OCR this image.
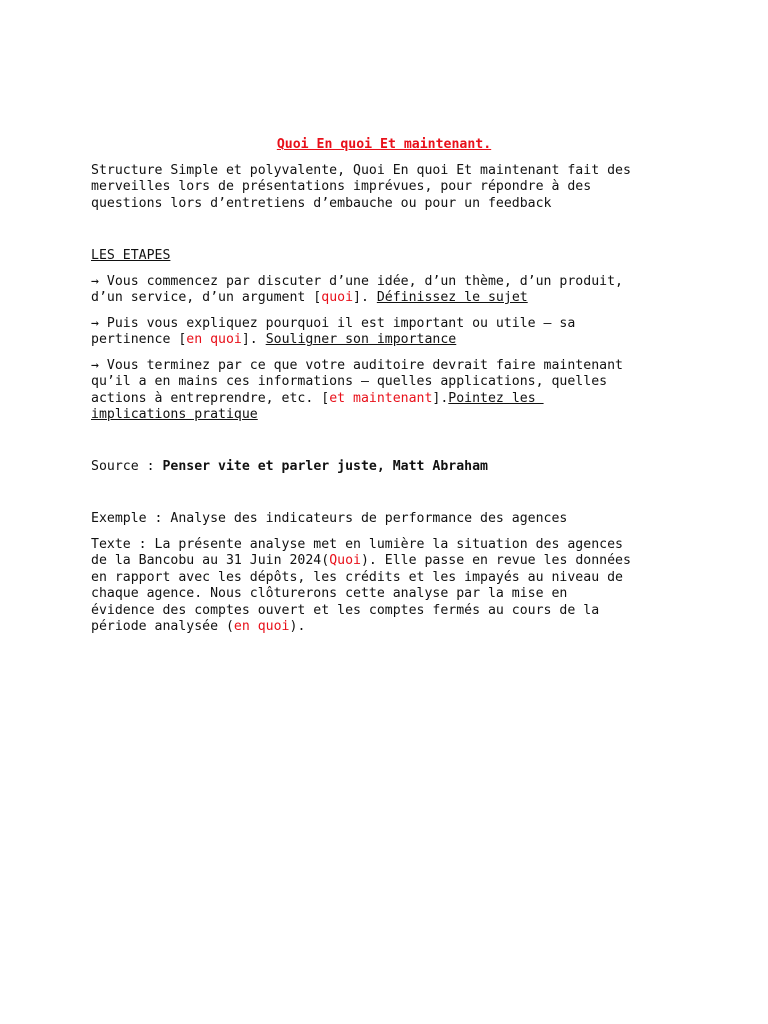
Quoi En quoi Et maintenant.

Structure Simple et polyvalente, Quoi En quoi Et maintenant fait des
merveilles lors de présentations imprévues, pour répondre à des
questions lors d’entretiens d’embauche ou pour un feedback

LES ETAPES

→ Vous commencez par discuter d’une idée, d’un thème, d’un produit,
d’un service, d’un argument [quoi]. Définissez le sujet

→ Puis vous expliquez pourquoi il est important ou utile – sa
pertinence [en quoi]. Souligner son importance

→ Vous terminez par ce que votre auditoire devrait faire maintenant
qu’il a en mains ces informations – quelles applications, quelles
actions à entreprendre, etc. [et maintenant].Pointez les
implications pratique

Source : Penser vite et parler juste, Matt Abraham

Exemple : Analyse des indicateurs de performance des agences

Texte : La présente analyse met en lumière la situation des agences
de la Bancobu au 31 Juin 2024(Quoi). Elle passe en revue les données
en rapport avec les dépôts, les crédits et les impayés au niveau de
chaque agence. Nous clôturerons cette analyse par la mise en
évidence des comptes ouvert et les comptes fermés au cours de la
période analysée (en quoi).
